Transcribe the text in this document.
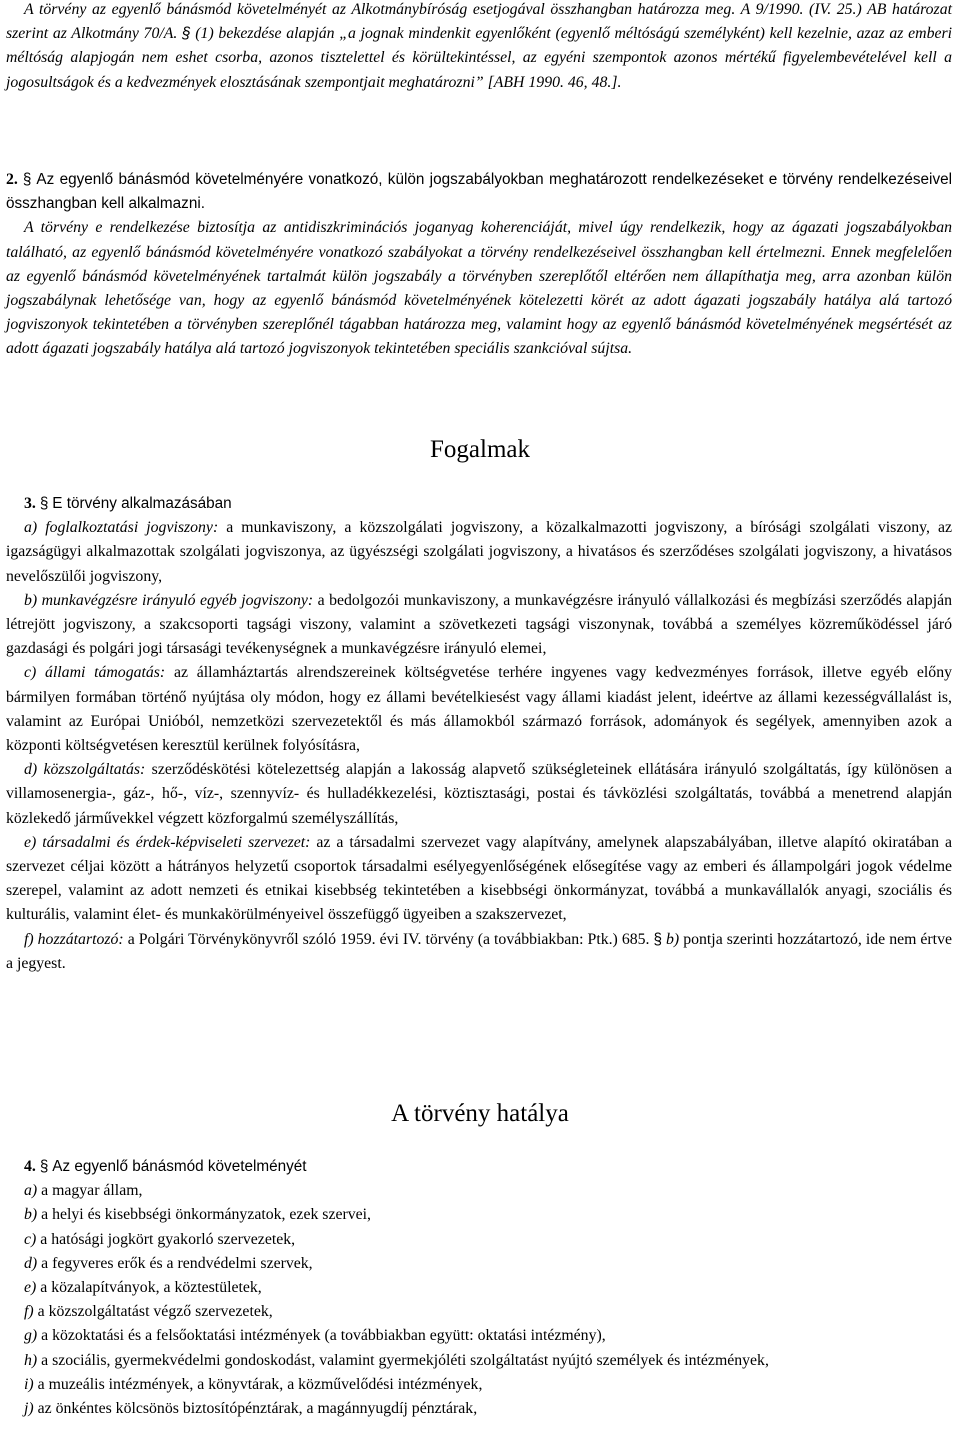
A törvény az egyenlő bánásmód követelményét az Alkotmánybíróság esetjogával összhangban határozza meg. A 9/1990. (IV. 25.) AB határozat szerint az Alkotmány 70/A. § (1) bekezdése alapján „a jognak mindenkit egyenlőként (egyenlő méltóságú személyként) kell kezelnie, azaz az emberi méltóság alapjogán nem eshet csorba, azonos tisztelettel és körültekintéssel, az egyéni szempontok azonos mértékű figyelembevételével kell a jogosultságok és a kedvezmények elosztásának szempontjait meghatározni” [ABH 1990. 46, 48.].

2. § Az egyenlő bánásmód követelményére vonatkozó, külön jogszabályokban meghatározott rendelkezéseket e törvény rendelkezéseivel összhangban kell alkalmazni.

A törvény e rendelkezése biztosítja az antidiszkriminációs joganyag koherenciáját, mivel úgy rendelkezik, hogy az ágazati jogszabályokban található, az egyenlő bánásmód követelményére vonatkozó szabályokat a törvény rendelkezéseivel összhangban kell értelmezni. Ennek megfelelően az egyenlő bánásmód követelményének tartalmát külön jogszabály a törvényben szereplőtől eltérően nem állapíthatja meg, arra azonban külön jogszabálynak lehetősége van, hogy az egyenlő bánásmód követelményének kötelezetti körét az adott ágazati jogszabály hatálya alá tartozó jogviszonyok tekintetében a törvényben szereplőnél tágabban határozza meg, valamint hogy az egyenlő bánásmód követelményének megsértését az adott ágazati jogszabály hatálya alá tartozó jogviszonyok tekintetében speciális szankcióval sújtsa.

Fogalmak

3. § E törvény alkalmazásában

a) foglalkoztatási jogviszony: a munkaviszony, a közszolgálati jogviszony, a közalkalmazotti jogviszony, a bírósági szolgálati viszony, az igazságügyi alkalmazottak szolgálati jogviszonya, az ügyészségi szolgálati jogviszony, a hivatásos és szerződéses szolgálati jogviszony, a hivatásos nevelőszülői jogviszony,

b) munkavégzésre irányuló egyéb jogviszony: a bedolgozói munkaviszony, a munkavégzésre irányuló vállalkozási és megbízási szerződés alapján létrejött jogviszony, a szakcsoporti tagsági viszony, valamint a szövetkezeti tagsági viszonynak, továbbá a személyes közreműködéssel járó gazdasági és polgári jogi társasági tevékenységnek a munkavégzésre irányuló elemei,

c) állami támogatás: az államháztartás alrendszereinek költségvetése terhére ingyenes vagy kedvezményes források, illetve egyéb előny bármilyen formában történő nyújtása oly módon, hogy ez állami bevételkiesést vagy állami kiadást jelent, ideértve az állami kezességvállalást is, valamint az Európai Unióból, nemzetközi szervezetektől és más államokból származó források, adományok és segélyek, amennyiben azok a központi költségvetésen keresztül kerülnek folyósításra,

d) közszolgáltatás: szerződéskötési kötelezettség alapján a lakosság alapvető szükségleteinek ellátására irányuló szolgáltatás, így különösen a villamosenergia-, gáz-, hő-, víz-, szennyvíz- és hulladékkezelési, köztisztasági, postai és távközlési szolgáltatás, továbbá a menetrend alapján közlekedő járművekkel végzett közforgalmú személyszállítás,

e) társadalmi és érdek-képviseleti szervezet: az a társadalmi szervezet vagy alapítvány, amelynek alapszabályában, illetve alapító okiratában a szervezet céljai között a hátrányos helyzetű csoportok társadalmi esélyegyenlőségének elősegítése vagy az emberi és állampolgári jogok védelme szerepel, valamint az adott nemzeti és etnikai kisebbség tekintetében a kisebbségi önkormányzat, továbbá a munkavállalók anyagi, szociális és kulturális, valamint élet- és munkakörülményeivel összefüggő ügyeiben a szakszervezet,

f) hozzátartozó: a Polgári Törvénykönyvről szóló 1959. évi IV. törvény (a továbbiakban: Ptk.) 685. § b) pontja szerinti hozzátartozó, ide nem értve a jegyest.

A törvény hatálya

4. § Az egyenlő bánásmód követelményét

a) a magyar állam,

b) a helyi és kisebbségi önkormányzatok, ezek szervei,

c) a hatósági jogkört gyakorló szervezetek,

d) a fegyveres erők és a rendvédelmi szervek,

e) a közalapítványok, a köztestületek,

f) a közszolgáltatást végző szervezetek,

g) a közoktatási és a felsőoktatási intézmények (a továbbiakban együtt: oktatási intézmény),

h) a szociális, gyermekvédelmi gondoskodást, valamint gyermekjóléti szolgáltatást nyújtó személyek és intézmények,

i) a muzeális intézmények, a könyvtárak, a közművelődési intézmények,

j) az önkéntes kölcsönös biztosítópénztárak, a magánnyugdíj pénztárak,
